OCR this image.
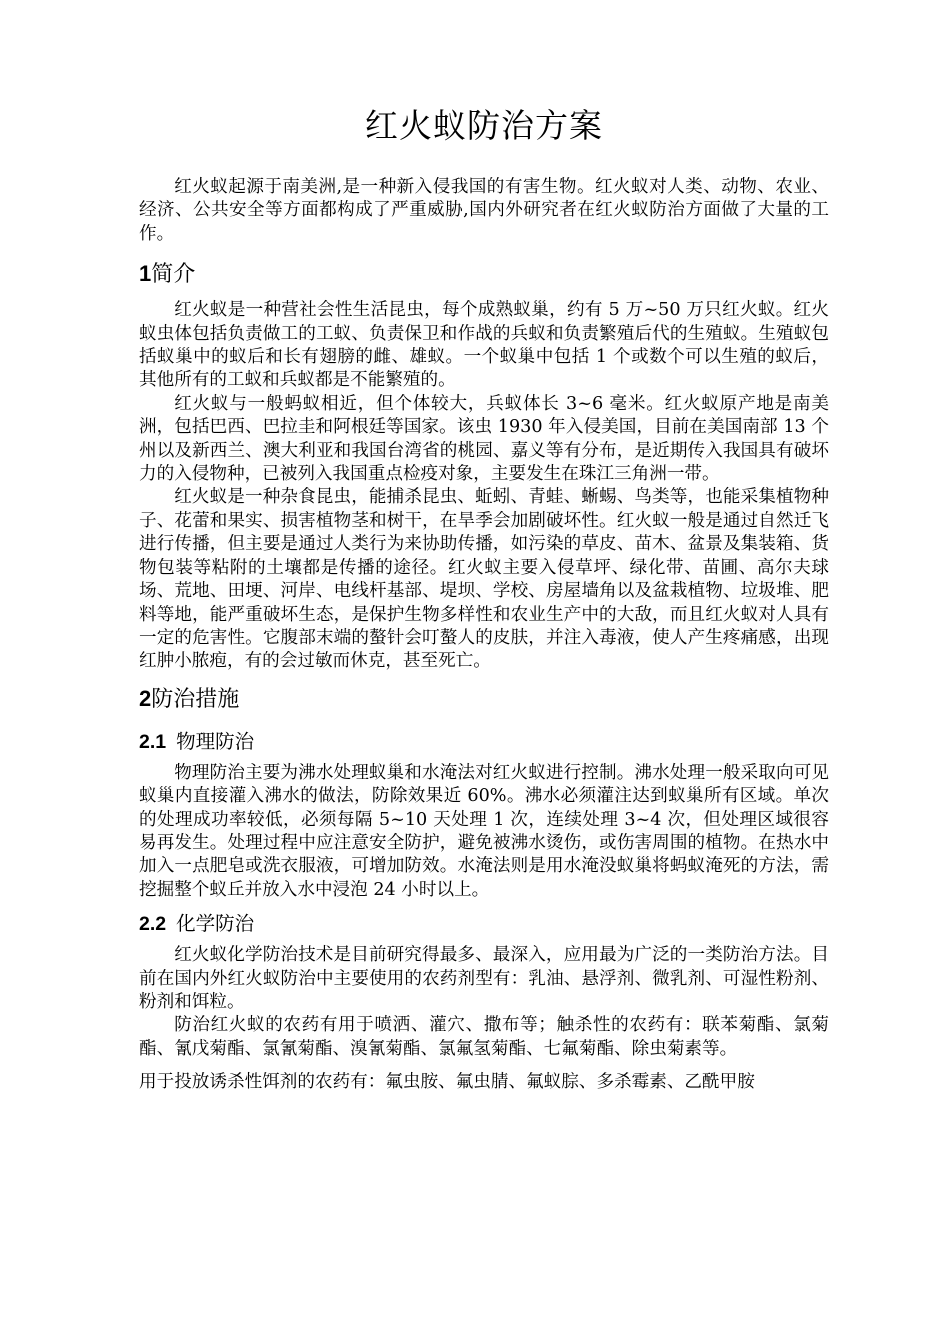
红火蚁防治方案

红火蚁起源于南美洲,是一种新入侵我国的有害生物。红火蚁对人类、动物、农业、经济、公共安全等方面都构成了严重威胁,国内外研究者在红火蚁防治方面做了大量的工作。

1简介

红火蚁是一种营社会性生活昆虫，每个成熟蚁巢，约有 5 万~50 万只红火蚁。红火蚁虫体包括负责做工的工蚁、负责保卫和作战的兵蚁和负责繁殖后代的生殖蚁。生殖蚁包括蚁巢中的蚁后和长有翅膀的雌、雄蚁。一个蚁巢中包括 1 个或数个可以生殖的蚁后，其他所有的工蚁和兵蚁都是不能繁殖的。

红火蚁与一般蚂蚁相近，但个体较大，兵蚁体长 3~6 毫米。红火蚁原产地是南美洲，包括巴西、巴拉圭和阿根廷等国家。该虫 1930 年入侵美国，目前在美国南部 13 个州以及新西兰、澳大利亚和我国台湾省的桃园、嘉义等有分布，是近期传入我国具有破坏力的入侵物种，已被列入我国重点检疫对象，主要发生在珠江三角洲一带。

红火蚁是一种杂食昆虫，能捕杀昆虫、蚯蚓、青蛙、蜥蜴、鸟类等，也能采集植物种子、花蕾和果实、损害植物茎和树干，在旱季会加剧破坏性。红火蚁一般是通过自然迁飞进行传播，但主要是通过人类行为来协助传播，如污染的草皮、苗木、盆景及集装箱、货物包装等粘附的土壤都是传播的途径。红火蚁主要入侵草坪、绿化带、苗圃、高尔夫球场、荒地、田埂、河岸、电线杆基部、堤坝、学校、房屋墙角以及盆栽植物、垃圾堆、肥料等地，能严重破坏生态，是保护生物多样性和农业生产中的大敌，而且红火蚁对人具有一定的危害性。它腹部末端的螯针会叮螯人的皮肤，并注入毒液，使人产生疼痛感，出现红肿小脓疱，有的会过敏而休克，甚至死亡。

2防治措施
2.1 物理防治

物理防治主要为沸水处理蚁巢和水淹法对红火蚁进行控制。沸水处理一般采取向可见蚁巢内直接灌入沸水的做法，防除效果近 60%。沸水必须灌注达到蚁巢所有区域。单次的处理成功率较低，必须每隔 5~10 天处理 1 次，连续处理 3~4 次，但处理区域很容易再发生。处理过程中应注意安全防护，避免被沸水烫伤，或伤害周围的植物。在热水中加入一点肥皂或洗衣服液，可增加防效。水淹法则是用水淹没蚁巢将蚂蚁淹死的方法，需挖掘整个蚁丘并放入水中浸泡 24 小时以上。

2.2 化学防治

红火蚁化学防治技术是目前研究得最多、最深入，应用最为广泛的一类防治方法。目前在国内外红火蚁防治中主要使用的农药剂型有：乳油、悬浮剂、微乳剂、可湿性粉剂、粉剂和饵粒。

防治红火蚁的农药有用于喷洒、灌穴、撒布等；触杀性的农药有：联苯菊酯、氯菊酯、氰戊菊酯、氯氰菊酯、溴氰菊酯、氯氟氢菊酯、七氟菊酯、除虫菊素等。

用于投放诱杀性饵剂的农药有：氟虫胺、氟虫腈、氟蚁腙、多杀霉素、乙酰甲胺
